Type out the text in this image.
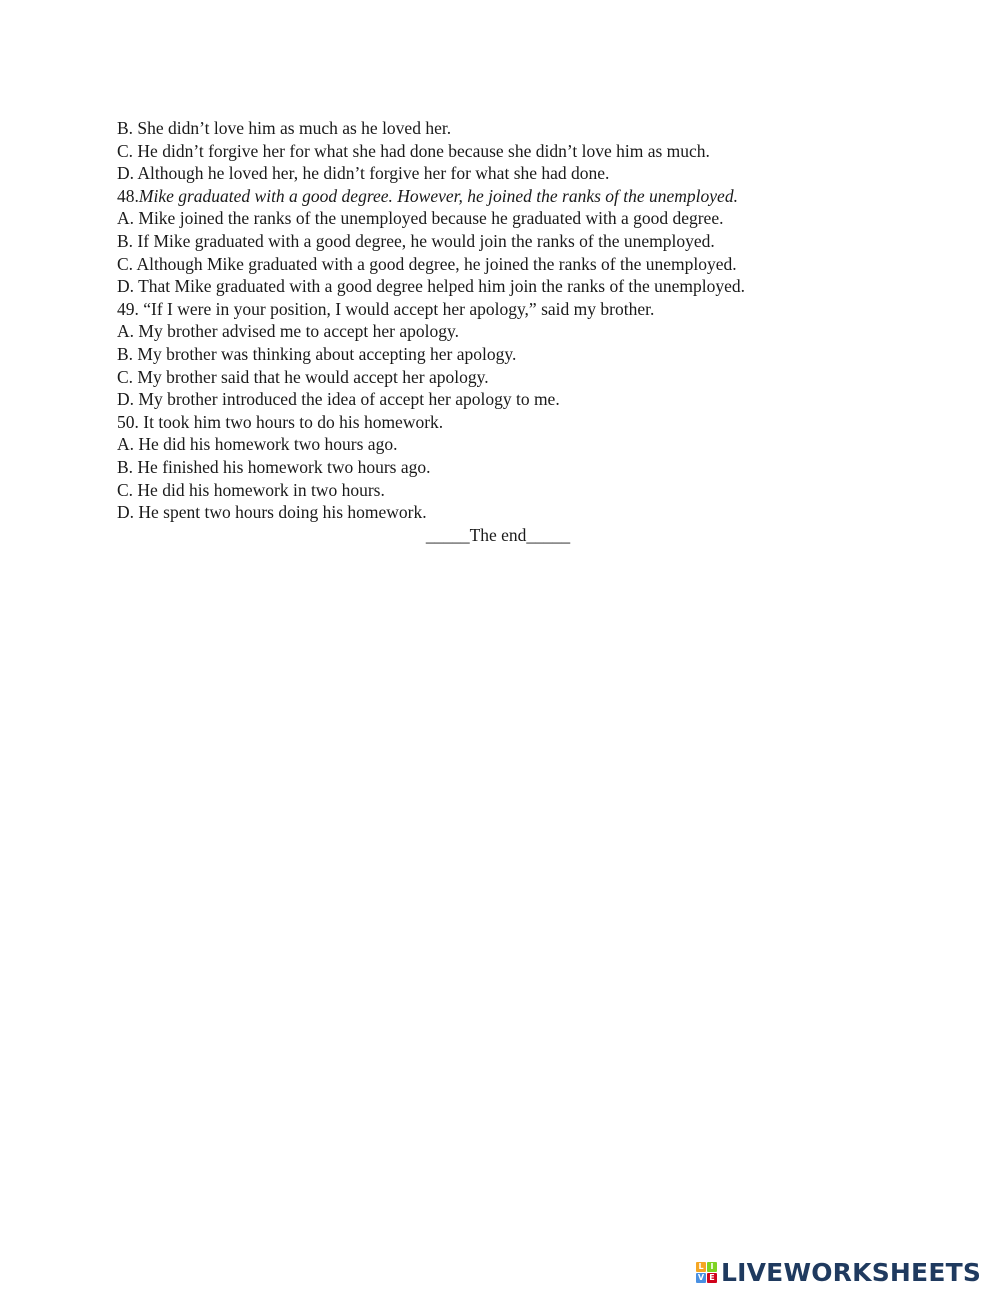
B. She didn’t love him as much as he loved her.
C. He didn’t forgive her for what she had done because she didn’t love him as much.
D. Although he loved her, he didn’t forgive her for what she had done.
48.Mike graduated with a good degree. However, he joined the ranks of the unemployed.
A. Mike joined the ranks of the unemployed because he graduated with a good degree.
B. If Mike graduated with a good degree, he would join the ranks of the unemployed.
C. Although Mike graduated with a good degree, he joined the ranks of the unemployed.
D. That Mike graduated with a good degree helped him join the ranks of the unemployed.
49. “If I were in your position, I would accept her apology,” said my brother.
A. My brother advised me to accept her apology.
B. My brother was thinking about accepting her apology.
C. My brother said that he would accept her apology.
D. My brother introduced the idea of accept her apology to me.
50. It took him two hours to do his homework.
A. He did his homework two hours ago.
B. He finished his homework two hours ago.
C. He did his homework in two hours.
D. He spent two hours doing his homework.
_____The end_____
L I
V E LIVEWORKSHEETS
